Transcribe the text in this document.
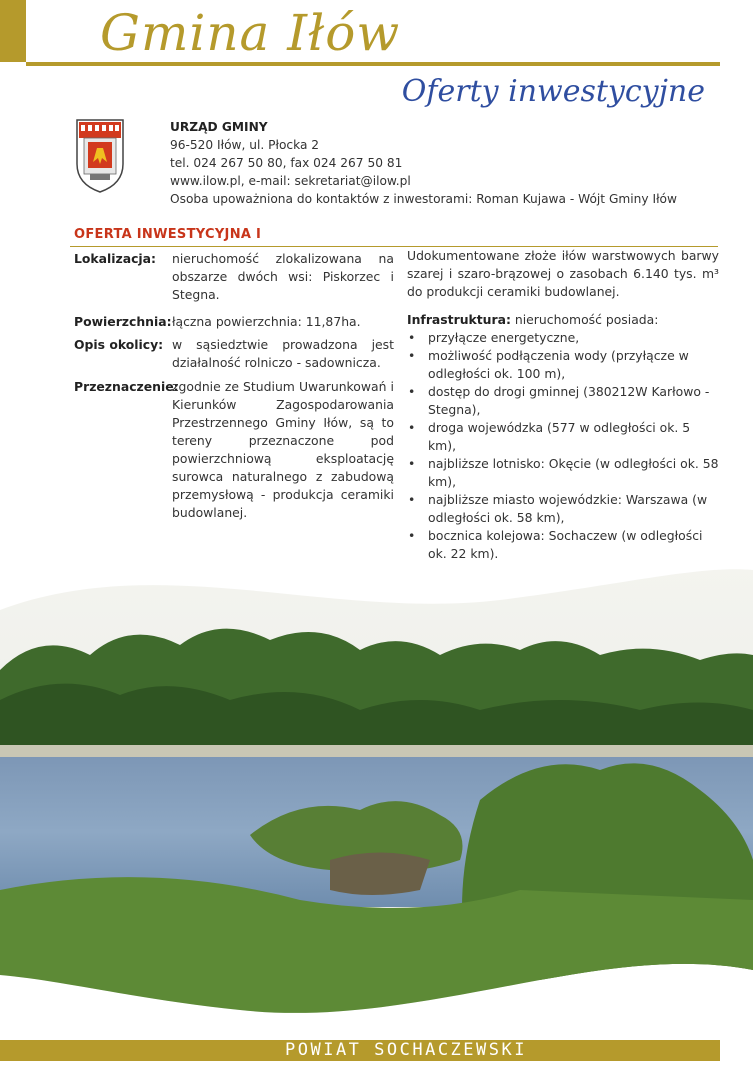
Gmina Iłów
Oferty inwestycyjne
URZĄD GMINY
96-520 Iłów, ul. Płocka 2
tel. 024 267 50 80, fax 024 267 50 81
www.ilow.pl, e-mail: sekretariat@ilow.pl
Osoba upoważniona do kontaktów z inwestorami: Roman Kujawa - Wójt Gminy Iłów
OFERTA INWESTYCYJNA I
Lokalizacja:	nieruchomość zlokalizowana na obszarze dwóch wsi: Piskorzec i Stegna.
Powierzchnia: łączna powierzchnia: 11,87ha.
Opis okolicy: w sąsiedztwie prowadzona jest działalność rolniczo - sadownicza.
Przeznaczenie:
zgodnie ze Studium Uwarunkowań i Kierunków Zagospodarowania Przestrzennego Gminy Iłów, są to tereny przeznaczone pod powierzchniową eksploatację surowca naturalnego z zabudową przemysłową - produkcja ceramiki budowlanej.
Udokumentowane złoże iłów warstwowych barwy szarej i szaro-brązowej o zasobach 6.140 tys. m³ do produkcji ceramiki budowlanej.
Infrastruktura: nieruchomość posiada:
• przyłącze energetyczne,
• możliwość podłączenia wody (przyłącze w odległości ok. 100 m),
• dostęp do drogi gminnej (380212W Karłowo - Stegna),
• droga wojewódzka (577 w odległości ok. 5 km),
• najbliższe lotnisko: Okęcie (w odległości ok. 58 km),
• najbliższe miasto wojewódzkie: Warszawa (w odległości ok. 58 km),
• bocznica kolejowa: Sochaczew (w odległości ok. 22 km).
POWIAT SOCHACZEWSKI
